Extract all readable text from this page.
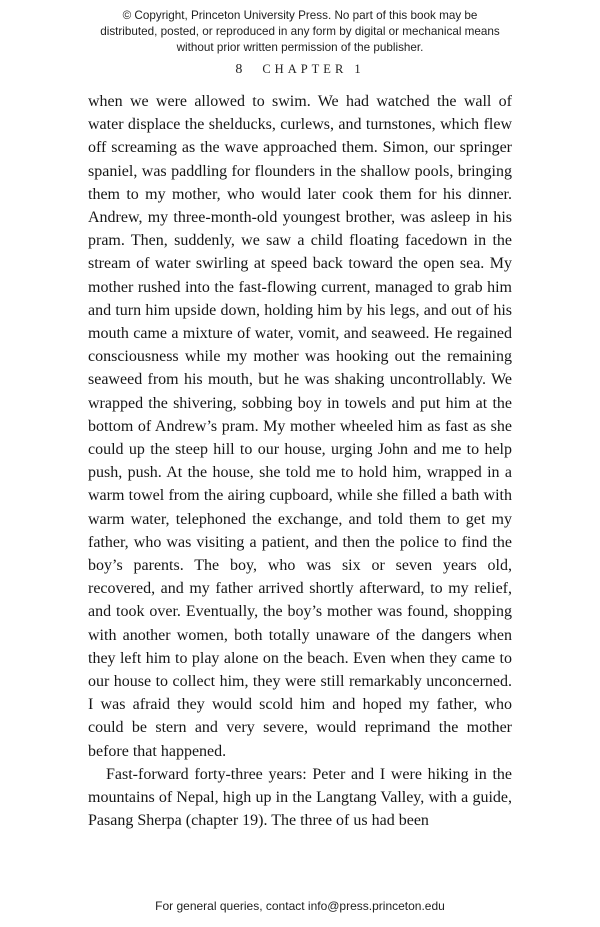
© Copyright, Princeton University Press. No part of this book may be distributed, posted, or reproduced in any form by digital or mechanical means without prior written permission of the publisher.
8 CHAPTER 1

when we were allowed to swim. We had watched the wall of water displace the shelducks, curlews, and turnstones, which flew off screaming as the wave approached them. Simon, our springer spaniel, was paddling for flounders in the shallow pools, bringing them to my mother, who would later cook them for his dinner. Andrew, my three-month-old youngest brother, was asleep in his pram. Then, suddenly, we saw a child floating facedown in the stream of water swirling at speed back toward the open sea. My mother rushed into the fast-flowing current, managed to grab him and turn him upside down, holding him by his legs, and out of his mouth came a mixture of water, vomit, and seaweed. He regained consciousness while my mother was hooking out the remaining seaweed from his mouth, but he was shaking uncontrollably. We wrapped the shivering, sobbing boy in towels and put him at the bottom of Andrew’s pram. My mother wheeled him as fast as she could up the steep hill to our house, urging John and me to help push, push. At the house, she told me to hold him, wrapped in a warm towel from the airing cupboard, while she filled a bath with warm water, telephoned the exchange, and told them to get my father, who was visiting a patient, and then the police to find the boy’s parents. The boy, who was six or seven years old, recovered, and my father arrived shortly afterward, to my relief, and took over. Eventually, the boy’s mother was found, shopping with another women, both totally unaware of the dangers when they left him to play alone on the beach. Even when they came to our house to collect him, they were still remarkably unconcerned. I was afraid they would scold him and hoped my father, who could be stern and very severe, would reprimand the mother before that happened.

Fast-forward forty-three years: Peter and I were hiking in the mountains of Nepal, high up in the Langtang Valley, with a guide, Pasang Sherpa (chapter 19). The three of us had been

For general queries, contact info@press.princeton.edu
